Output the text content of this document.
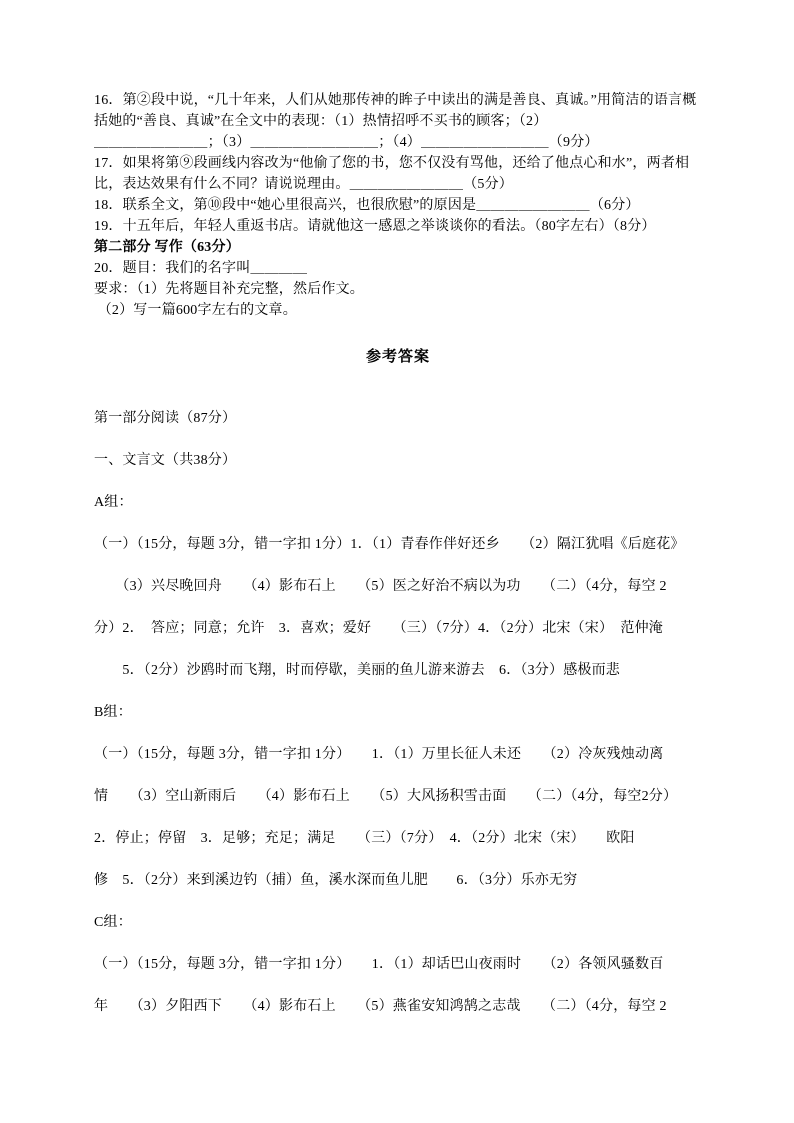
16．第②段中说，“几十年来，人们从她那传神的眸子中读出的满是善良、真诚。”用简洁的语言概
括她的“善良、真诚”在全文中的表现：（1）热情招呼不买书的顾客；（2）
＿＿＿＿＿＿＿＿；（3）＿＿＿＿＿＿＿＿＿；（4）＿＿＿＿＿＿＿＿＿（9分）
17．如果将第⑨段画线内容改为“他偷了您的书，您不仅没有骂他，还给了他点心和水”，两者相
比，表达效果有什么不同？请说说理由。＿＿＿＿＿＿＿＿（5分）
18．联系全文，第⑩段中“她心里很高兴，也很欣慰”的原因是＿＿＿＿＿＿＿＿（6分）
19．十五年后，年轻人重返书店。请就他这一感恩之举谈谈你的看法。（80字左右）（8分）
第二部分 写作（63分）
20．题目：我们的名字叫＿＿＿＿
要求：（1）先将题目补充完整，然后作文。
（2）写一篇600字左右的文章。
参考答案
第一部分阅读（87分）
一、文言文（共38分）
A组：
（一）（15分，每题 3分，错一字扣 1分）1．（1）青春作伴好还乡　　（2）隔江犹唱《后庭花》
　　（3）兴尽晚回舟　　（4）影布石上　　（5）医之好治不病以为功　　（二）（4分，每空 2
分）2．　答应；同意；允许　3．喜欢；爱好　　（三）（7分）4．（2分）北宋（宋）　范仲淹
　　5．（2分）沙鸥时而飞翔，时而停歇，美丽的鱼儿游来游去　6．（3分）感极而悲
B组：
（一）（15分，每题 3分，错一字扣 1分）　　1．（1）万里长征人未还　　（2）冷灰残烛动离
情　　（3）空山新雨后　　（4）影布石上　　（5）大风扬积雪击面　　（二）（4分，每空2分）
2．停止；停留　3．足够；充足；满足　　（三）（7分）　4．（2分）北宋（宋）　　欧阳
修　5．（2分）来到溪边钓（捕）鱼，溪水深而鱼儿肥　　6．（3分）乐亦无穷
C组：
（一）（15分，每题 3分，错一字扣 1分）　　1．（1）却话巴山夜雨时　　（2）各领风骚数百
年　　（3）夕阳西下　　（4）影布石上　　（5）燕雀安知鸿鹄之志哉　　（二）（4分，每空 2
